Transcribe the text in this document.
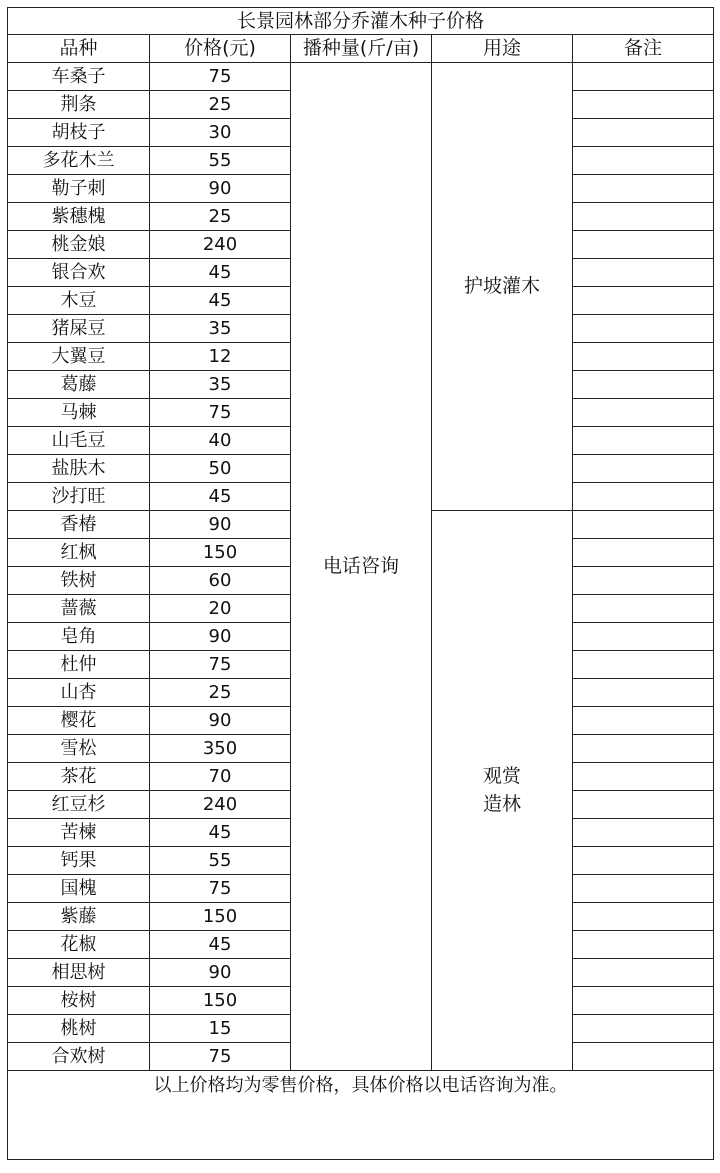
长景园林部分乔灌木种子价格				
品种	价格(元)	播种量(斤/亩)	用途	备注
车桑子	75	电话咨询	护坡灌木	

荆条	25			
胡枝子	30			
多花木兰	55			
勒子刺	90			
紫穗槐	25			
桃金娘	240			
银合欢	45			
木豆	45			
猪屎豆	35			
大翼豆	12			
葛藤	35			
马棘	75			
山毛豆	40			
盐肤木	50			
沙打旺	45			
香椿	90		观赏
造林	

红枫	150			
铁树	60			
蔷薇	20			
皂角	90			
杜仲	75			
山杏	25			
樱花	90			
雪松	350			
茶花	70			
红豆杉	240			
苦楝	45			
钙果	55			
国槐	75			
紫藤	150			
花椒	45			
相思树	90			
桉树	150			
桃树	15			
合欢树	75			
以上价格均为零售价格，具体价格以电话咨询为准。				
